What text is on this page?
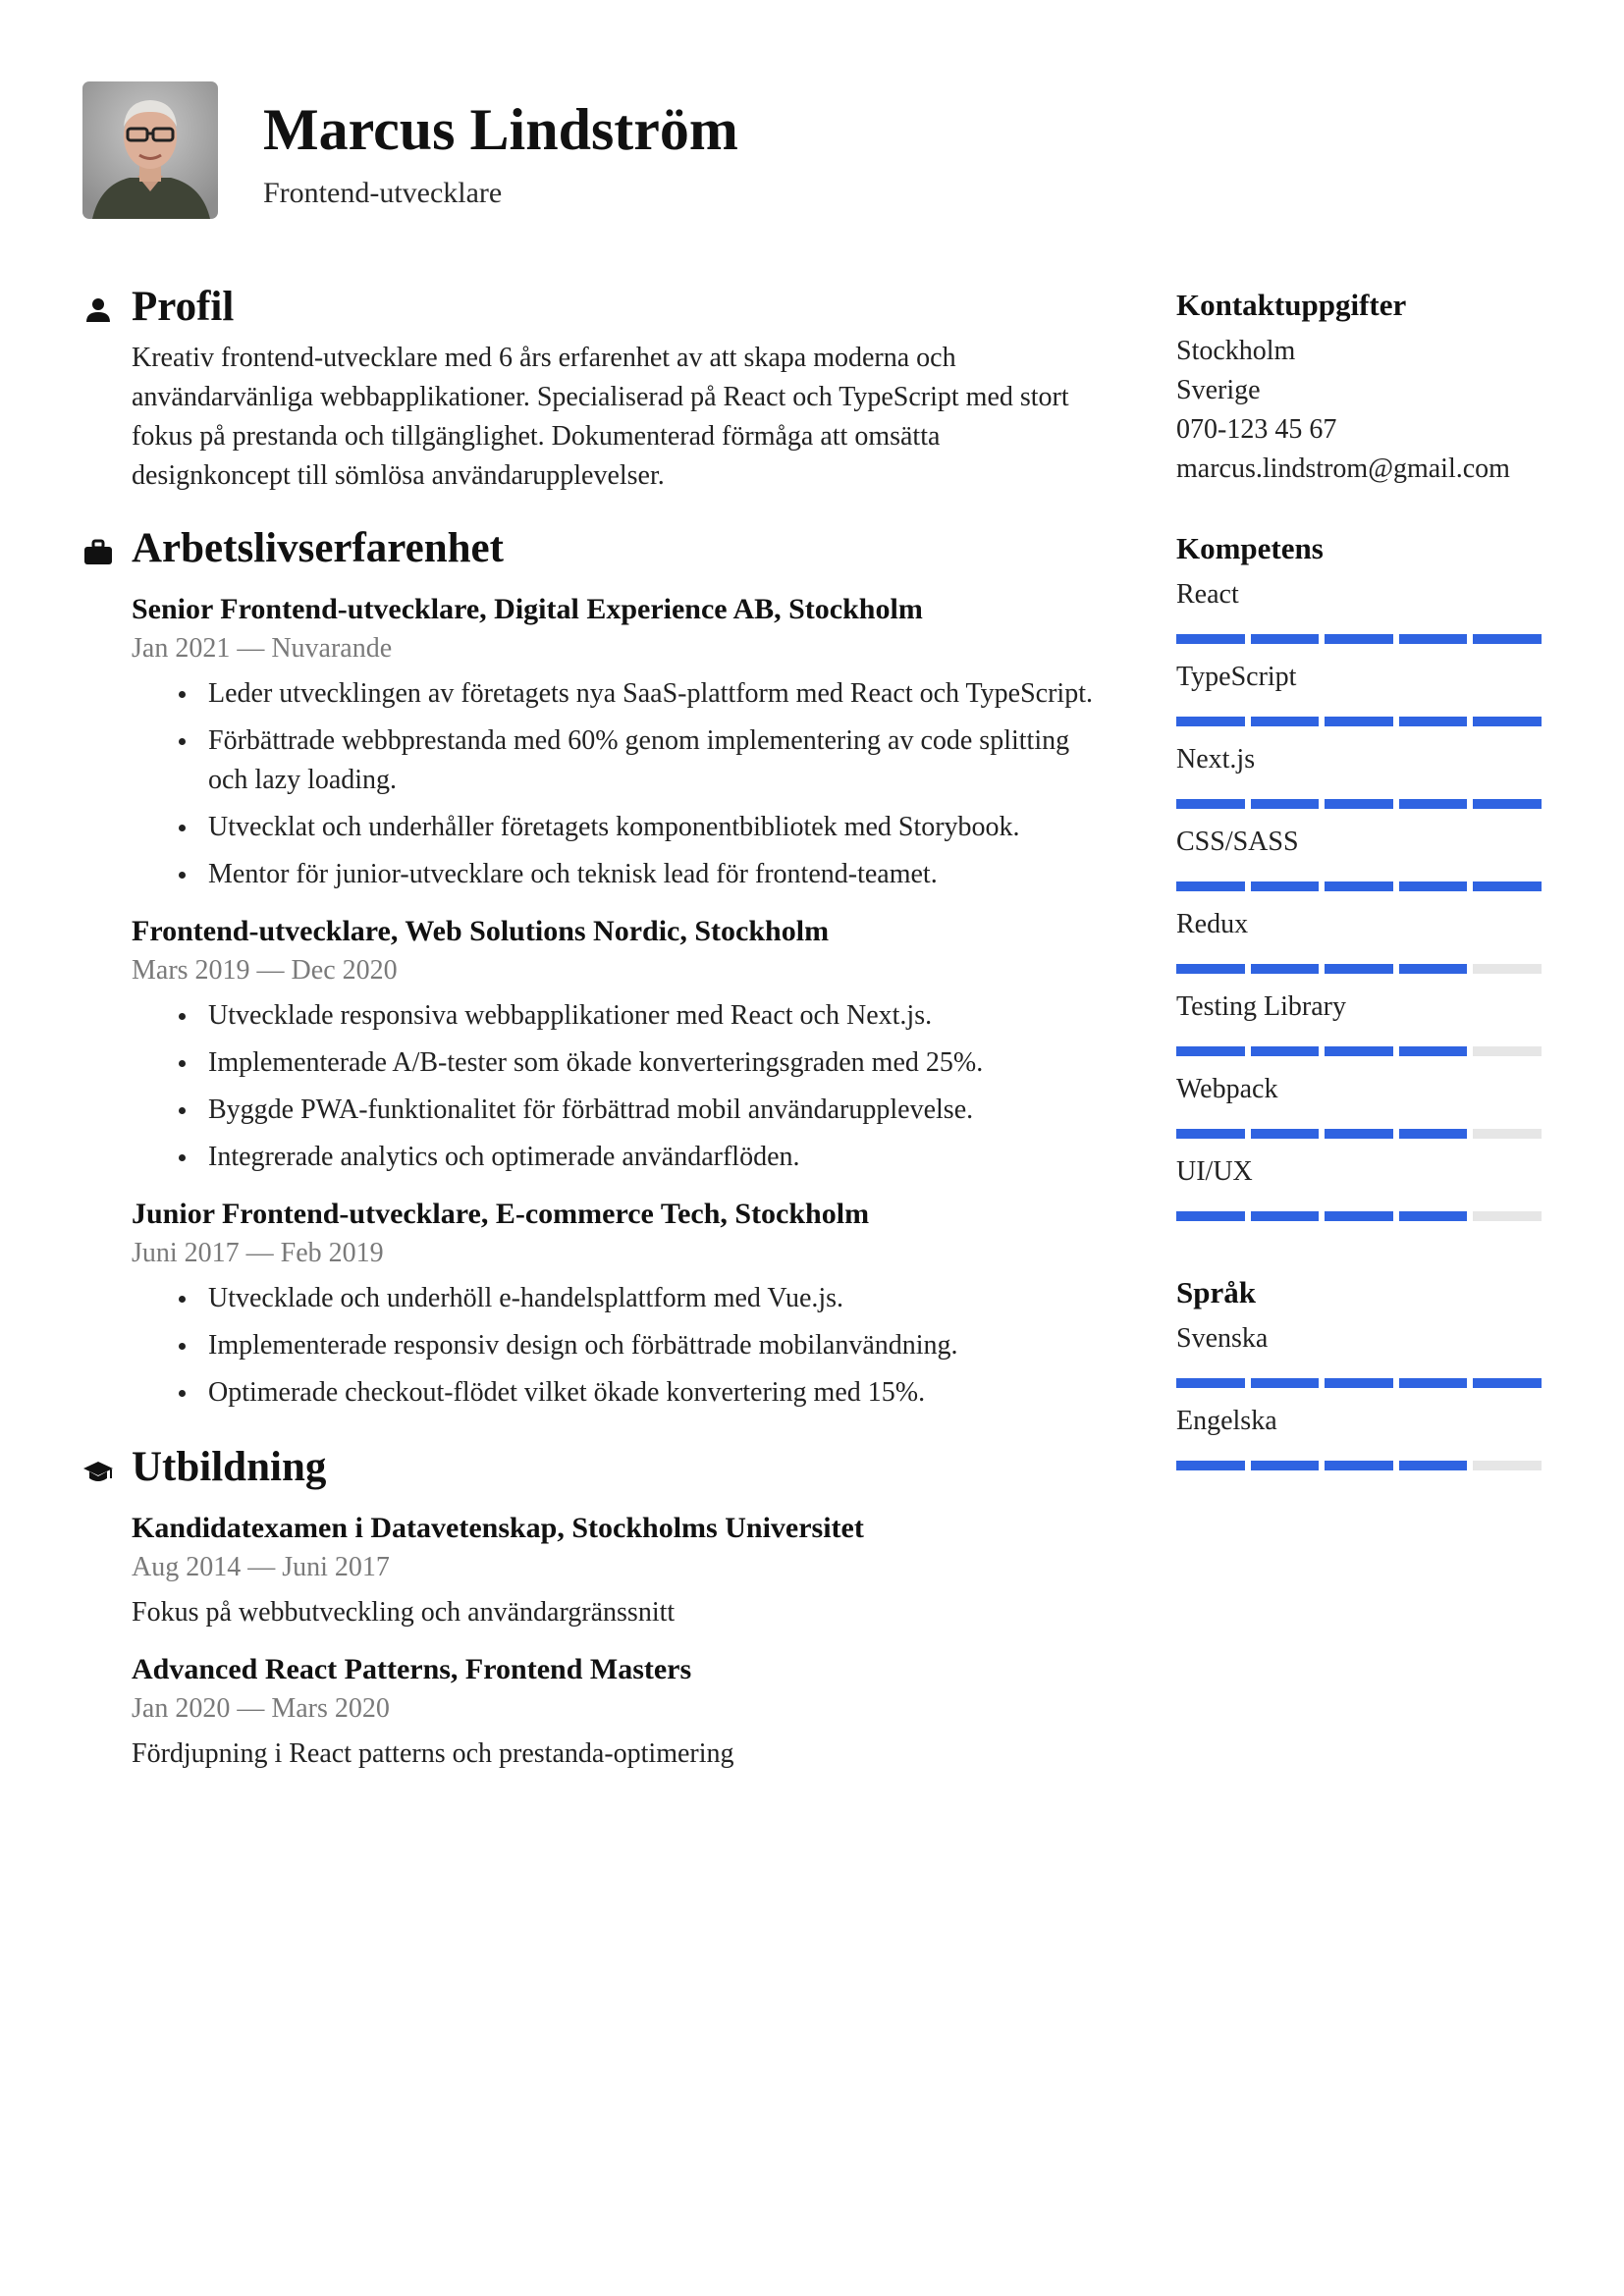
Marcus Lindström
Frontend-utvecklare
Profil
Kreativ frontend-utvecklare med 6 års erfarenhet av att skapa moderna och användarvänliga webbapplikationer. Specialiserad på React och TypeScript med stort fokus på prestanda och tillgänglighet. Dokumenterad förmåga att omsätta designkoncept till sömlösa användarupplevelser.
Arbetslivserfarenhet
Senior Frontend-utvecklare, Digital Experience AB, Stockholm
Jan 2021 — Nuvarande
Leder utvecklingen av företagets nya SaaS-plattform med React och TypeScript.
Förbättrade webbprestanda med 60% genom implementering av code splitting och lazy loading.
Utvecklat och underhåller företagets komponentbibliotek med Storybook.
Mentor för junior-utvecklare och teknisk lead för frontend-teamet.
Frontend-utvecklare, Web Solutions Nordic, Stockholm
Mars 2019 — Dec 2020
Utvecklade responsiva webbapplikationer med React och Next.js.
Implementerade A/B-tester som ökade konverteringsgraden med 25%.
Byggde PWA-funktionalitet för förbättrad mobil användarupplevelse.
Integrerade analytics och optimerade användarflöden.
Junior Frontend-utvecklare, E-commerce Tech, Stockholm
Juni 2017 — Feb 2019
Utvecklade och underhöll e-handelsplattform med Vue.js.
Implementerade responsiv design och förbättrade mobilanvändning.
Optimerade checkout-flödet vilket ökade konvertering med 15%.
Utbildning
Kandidatexamen i Datavetenskap, Stockholms Universitet
Aug 2014 — Juni 2017
Fokus på webbutveckling och användargränssnitt
Advanced React Patterns, Frontend Masters
Jan 2020 — Mars 2020
Fördjupning i React patterns och prestanda-optimering
Kontaktuppgifter
Stockholm
Sverige
070-123 45 67
marcus.lindstrom@gmail.com
Kompetens
React
TypeScript
Next.js
CSS/SASS
Redux
Testing Library
Webpack
UI/UX
Språk
Svenska
Engelska
